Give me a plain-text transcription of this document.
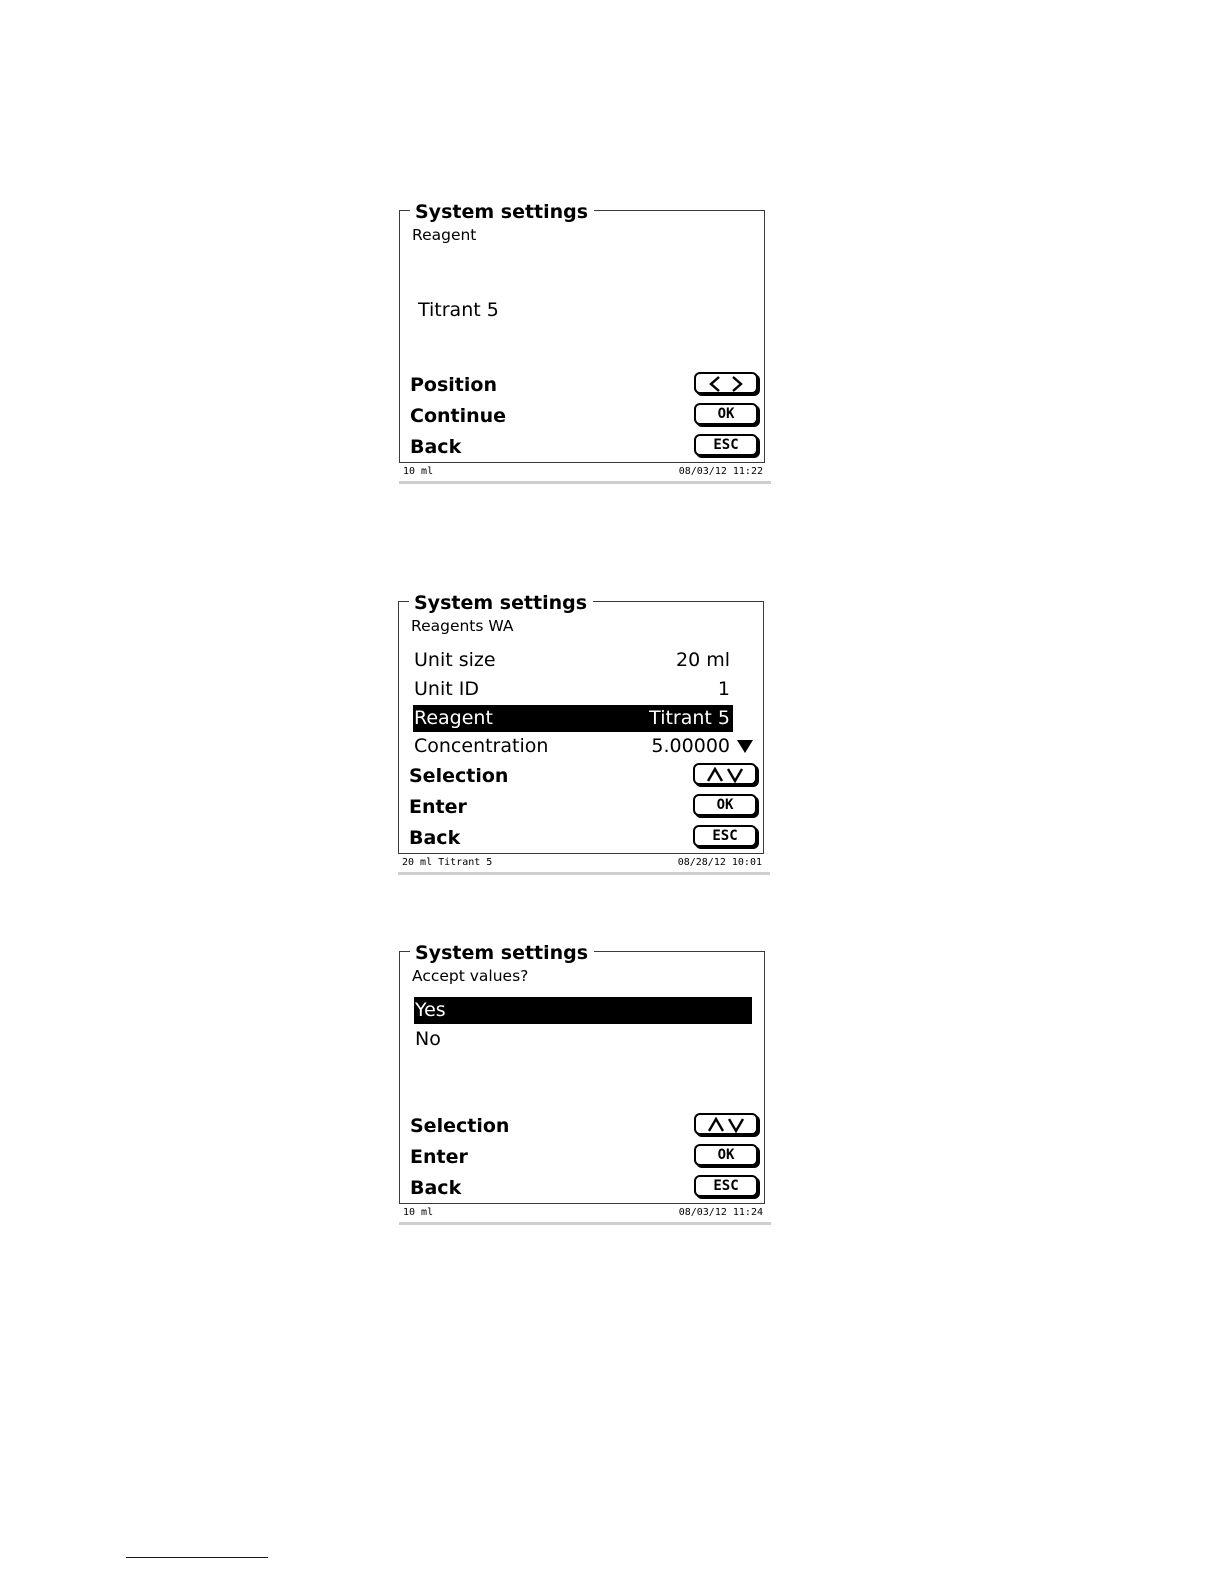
System settings
Reagent
Titrant 5
Position
Continue	OK
Back	ESC
10 ml	08/03/12 11:22
System settings
Reagents WA
Unit size	20 ml
Unit ID	1
Reagent	Titrant 5
Concentration	5.00000
Selection
Enter	OK
Back	ESC
20 ml Titrant 5	08/28/12 10:01
System settings
Accept values?
Yes
No
Selection
Enter	OK
Back	ESC
10 ml	08/03/12 11:24
